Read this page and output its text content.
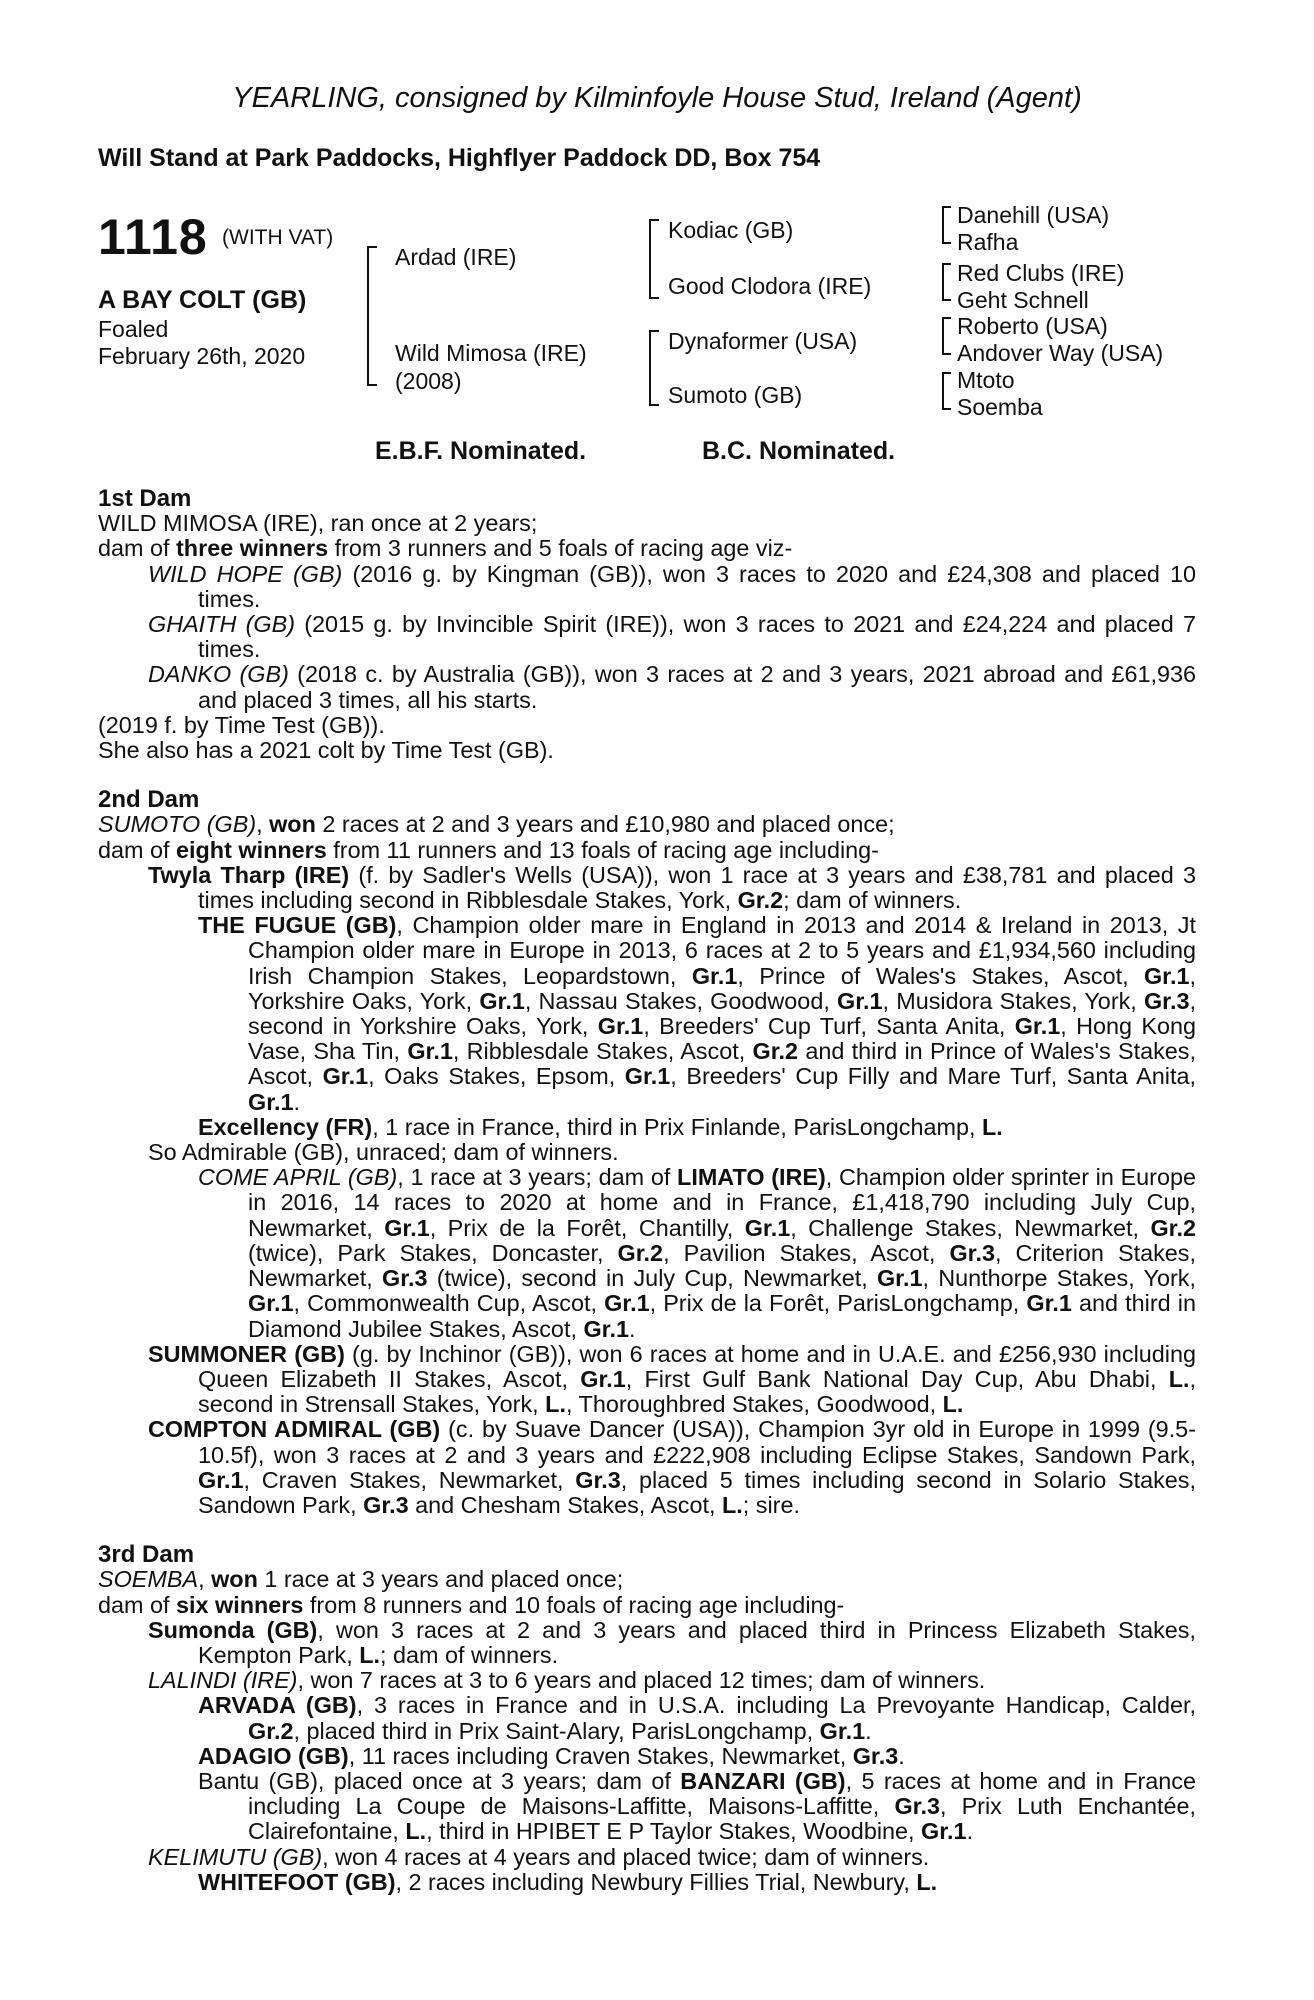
YEARLING, consigned by Kilminfoyle House Stud, Ireland (Agent)
Will Stand at Park Paddocks, Highflyer Paddock DD, Box 754
1118 (WITH VAT)
A BAY COLT (GB)
Foaled
February 26th, 2020
Ardad (IRE)
Wild Mimosa (IRE)
(2008)
Kodiac (GB)
Good Clodora (IRE)
Dynaformer (USA)
Sumoto (GB)
Danehill (USA)
Rafha
Red Clubs (IRE)
Geht Schnell
Roberto (USA)
Andover Way (USA)
Mtoto
Soemba
E.B.F. Nominated.	B.C. Nominated.

1st Dam

WILD MIMOSA (IRE), ran once at 2 years;

dam of three winners from 3 runners and 5 foals of racing age viz-

WILD HOPE (GB) (2016 g. by Kingman (GB)), won 3 races to 2020 and £24,308 and placed 10 times.

GHAITH (GB) (2015 g. by Invincible Spirit (IRE)), won 3 races to 2021 and £24,224 and placed 7 times.

DANKO (GB) (2018 c. by Australia (GB)), won 3 races at 2 and 3 years, 2021 abroad and £61,936 and placed 3 times, all his starts.

(2019 f. by Time Test (GB)).

She also has a 2021 colt by Time Test (GB).

2nd Dam

SUMOTO (GB), won 2 races at 2 and 3 years and £10,980 and placed once;

dam of eight winners from 11 runners and 13 foals of racing age including-

Twyla Tharp (IRE) (f. by Sadler's Wells (USA)), won 1 race at 3 years and £38,781 and placed 3 times including second in Ribblesdale Stakes, York, Gr.2; dam of winners.

THE FUGUE (GB), Champion older mare in England in 2013 and 2014 & Ireland in 2013, Jt Champion older mare in Europe in 2013, 6 races at 2 to 5 years and £1,934,560 including Irish Champion Stakes, Leopardstown, Gr.1, Prince of Wales's Stakes, Ascot, Gr.1, Yorkshire Oaks, York, Gr.1, Nassau Stakes, Goodwood, Gr.1, Musidora Stakes, York, Gr.3, second in Yorkshire Oaks, York, Gr.1, Breeders' Cup Turf, Santa Anita, Gr.1, Hong Kong Vase, Sha Tin, Gr.1, Ribblesdale Stakes, Ascot, Gr.2 and third in Prince of Wales's Stakes, Ascot, Gr.1, Oaks Stakes, Epsom, Gr.1, Breeders' Cup Filly and Mare Turf, Santa Anita, Gr.1.

Excellency (FR), 1 race in France, third in Prix Finlande, ParisLongchamp, L.

So Admirable (GB), unraced; dam of winners.

COME APRIL (GB), 1 race at 3 years; dam of LIMATO (IRE), Champion older sprinter in Europe in 2016, 14 races to 2020 at home and in France, £1,418,790 including July Cup, Newmarket, Gr.1, Prix de la Forêt, Chantilly, Gr.1, Challenge Stakes, Newmarket, Gr.2 (twice), Park Stakes, Doncaster, Gr.2, Pavilion Stakes, Ascot, Gr.3, Criterion Stakes, Newmarket, Gr.3 (twice), second in July Cup, Newmarket, Gr.1, Nunthorpe Stakes, York, Gr.1, Commonwealth Cup, Ascot, Gr.1, Prix de la Forêt, ParisLongchamp, Gr.1 and third in Diamond Jubilee Stakes, Ascot, Gr.1.

SUMMONER (GB) (g. by Inchinor (GB)), won 6 races at home and in U.A.E. and £256,930 including Queen Elizabeth II Stakes, Ascot, Gr.1, First Gulf Bank National Day Cup, Abu Dhabi, L., second in Strensall Stakes, York, L., Thoroughbred Stakes, Goodwood, L.

COMPTON ADMIRAL (GB) (c. by Suave Dancer (USA)), Champion 3yr old in Europe in 1999 (9.5-10.5f), won 3 races at 2 and 3 years and £222,908 including Eclipse Stakes, Sandown Park, Gr.1, Craven Stakes, Newmarket, Gr.3, placed 5 times including second in Solario Stakes, Sandown Park, Gr.3 and Chesham Stakes, Ascot, L.; sire.

3rd Dam

SOEMBA, won 1 race at 3 years and placed once;

dam of six winners from 8 runners and 10 foals of racing age including-

Sumonda (GB), won 3 races at 2 and 3 years and placed third in Princess Elizabeth Stakes, Kempton Park, L.; dam of winners.

LALINDI (IRE), won 7 races at 3 to 6 years and placed 12 times; dam of winners.

ARVADA (GB), 3 races in France and in U.S.A. including La Prevoyante Handicap, Calder, Gr.2, placed third in Prix Saint-Alary, ParisLongchamp, Gr.1.

ADAGIO (GB), 11 races including Craven Stakes, Newmarket, Gr.3.

Bantu (GB), placed once at 3 years; dam of BANZARI (GB), 5 races at home and in France including La Coupe de Maisons-Laffitte, Maisons-Laffitte, Gr.3, Prix Luth Enchantée, Clairefontaine, L., third in HPIBET E P Taylor Stakes, Woodbine, Gr.1.

KELIMUTU (GB), won 4 races at 4 years and placed twice; dam of winners.

WHITEFOOT (GB), 2 races including Newbury Fillies Trial, Newbury, L.
